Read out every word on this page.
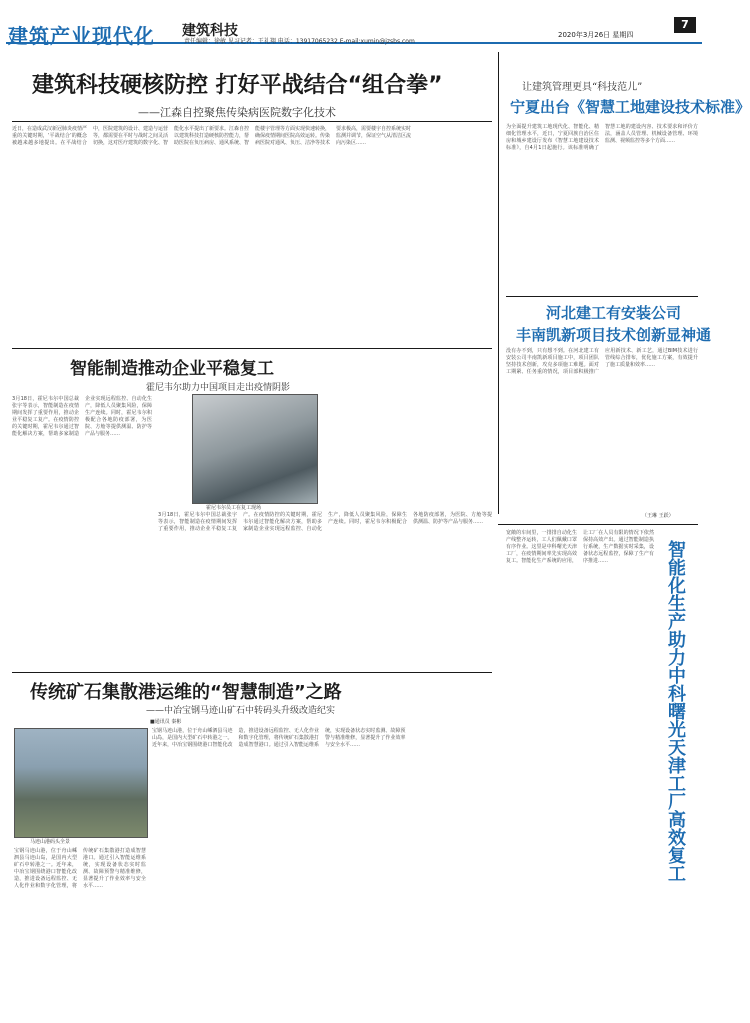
建筑产业现代化 建筑科技
责任编辑：徐敏 见习记者：王礼翔 电话：13917065232 E-mail:xumin@jzsbs.com
2020年3月26日 星期四
7
建筑科技硬核防控 打好平战结合“组合拳”
——江森自控聚焦传染病医院数字化技术
近日，在造成武汉新冠肺炎疫情严重的关键时期，‘平战结合’的概念被越来越多地提出。在平战结合中，医院建筑的设计、建造与运营等，都需要在平时与战时之间灵活切换，这对医疗建筑的数字化、智能化水平提出了新要求。江森自控以建筑科技打造硬核防控能力，帮助医院在负压病房、通风系统、智能楼宇管理等方面实现快速转换，确保疫情期间医院高效运转。传染病医院对通风、负压、洁净等技术要求极高，需要楼宇自控系统实时监测并调节，保证空气从清洁区流向污染区……
让建筑管理更具“科技范儿”
宁夏出台《智慧工地建设技术标准》
为全面提升建筑工地现代化、智能化、精细化管理水平，近日，宁夏回族自治区住房和城乡建设厅发布《智慧工地建设技术标准》，自4月1日起施行。该标准明确了智慧工地的建设内容、技术要求和评价方法，涵盖人员管理、机械设备管理、环境监测、视频监控等多个方面……
河北建工有安装公司
丰南凯新项目技术创新显神通
没有办不到，只有想不到。在河北建工有安装公司丰南凯新项目施工中，项目团队坚持技术创新，攻克多项施工难题。面对工期紧、任务重的情况，项目部积极推广应用新技术、新工艺，通过BIM技术进行管线综合排布，优化施工方案，有效提升了施工质量和效率……
（王琳 王跃）
智能制造推动企业平稳复工
霍尼韦尔助力中国项目走出疫情阴影
3月18日，霍尼韦尔中国总裁张宇等表示，智能制造在疫情期间发挥了重要作用，推动企业平稳复工复产。在疫情防控的关键时期，霍尼韦尔通过智能化解决方案，帮助多家制造企业实现远程监控、自动化生产，降低人员聚集风险，保障生产连续。同时，霍尼韦尔积极配合各地防疫部署，为医院、方舱等提供测温、防护等产品与服务……
霍尼韦尔员工在复工现场
3月18日，霍尼韦尔中国总裁张宇等表示，智能制造在疫情期间发挥了重要作用，推动企业平稳复工复产。在疫情防控的关键时期，霍尼韦尔通过智能化解决方案，帮助多家制造企业实现远程监控、自动化生产，降低人员聚集风险，保障生产连续。同时，霍尼韦尔积极配合各地防疫部署，为医院、方舱等提供测温、防护等产品与服务……
传统矿石集散港运维的“智慧制造”之路
——中冶宝钢马迹山矿石中转码头升级改造纪实
■通讯员 秦彬
马迹山港码头全景
宝钢马迹山港，位于舟山嵊泗县马迹山岛，是国内大型矿石中转港之一。近年来，中冶宝钢围绕港口智能化改造，推进设备远程监控、无人化作业和数字化管理，将传统矿石集散港打造成智慧港口。通过引入智能运维系统，实现设备状态实时监测、故障预警与精准维修，显著提升了作业效率与安全水平……
宝钢马迹山港，位于舟山嵊泗县马迹山岛，是国内大型矿石中转港之一。近年来，中冶宝钢围绕港口智能化改造，推进设备远程监控、无人化作业和数字化管理，将传统矿石集散港打造成智慧港口。通过引入智能运维系统，实现设备状态实时监测、故障预警与精准维修，显著提升了作业效率与安全水平……
宽敞的车间里，一排排自动化生产线整齐运转，工人们佩戴口罩有序作业。这里是中科曙光天津工厂，在疫情期间率先实现高效复工。智能化生产系统的应用，让工厂在人员有限的情况下依然保持高效产出。通过智能制造执行系统，生产数据实时采集，设备状态远程监控，保障了生产有序推进……	智能化生产助力中科曙光天津工厂高效复工
